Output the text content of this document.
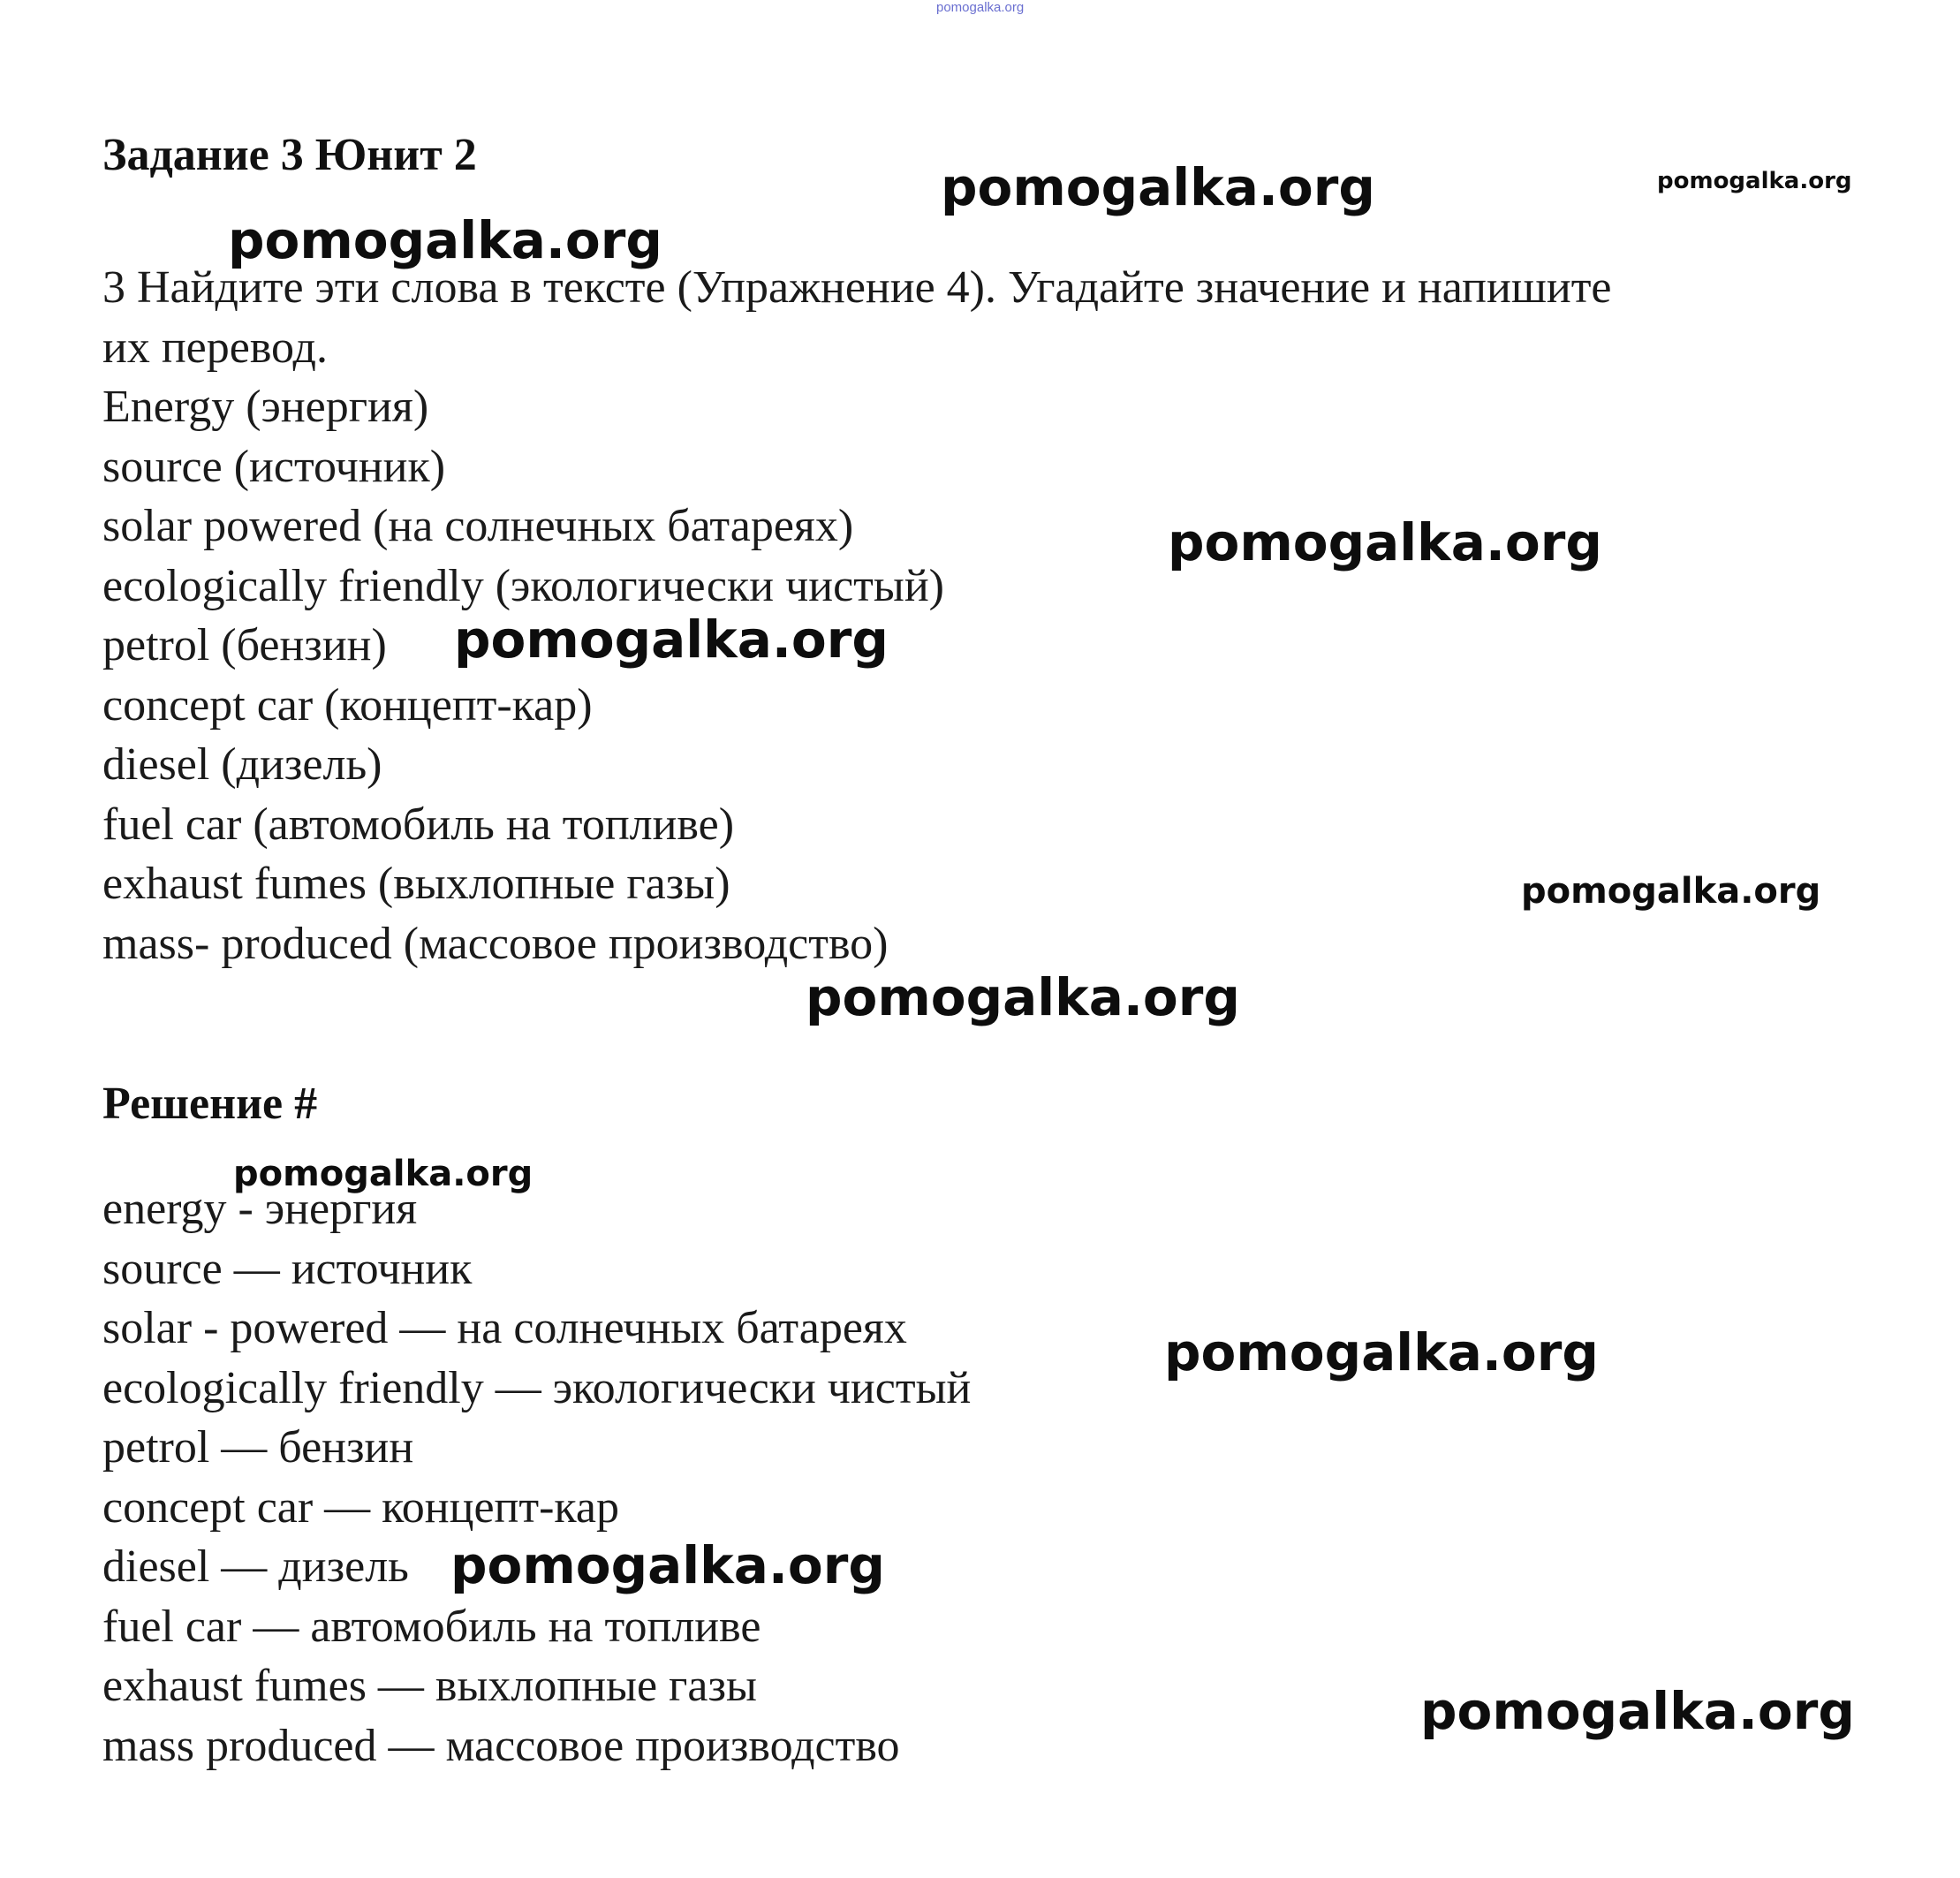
pomogalka.org
Задание 3 Юнит 2

3 Найдите эти слова в тексте (Упражнение 4). Угадайте значение и напишите

их перевод.

Energy (энергия)

source (источник)

solar powered (на солнечных батареях)

ecologically friendly (экологически чистый)

petrol (бензин)

concept car (концепт-кар)

diesel (дизель)

fuel car (автомобиль на топливе)

exhaust fumes (выхлопные газы)

mass- produced (массовое производство)

Решение #

energy - энергия

source — источник

solar - powered — на солнечных батареях

ecologically friendly — экологически чистый

petrol — бензин

concept car — концепт-кар

diesel — дизель

fuel car — автомобиль на топливе

exhaust fumes — выхлопные газы

mass produced — массовое производство

pomogalka.org	pomogalka.org
pomogalka.org
pomogalka.org
pomogalka.org
pomogalka.org
pomogalka.org
pomogalka.org
pomogalka.org
pomogalka.org
pomogalka.org
